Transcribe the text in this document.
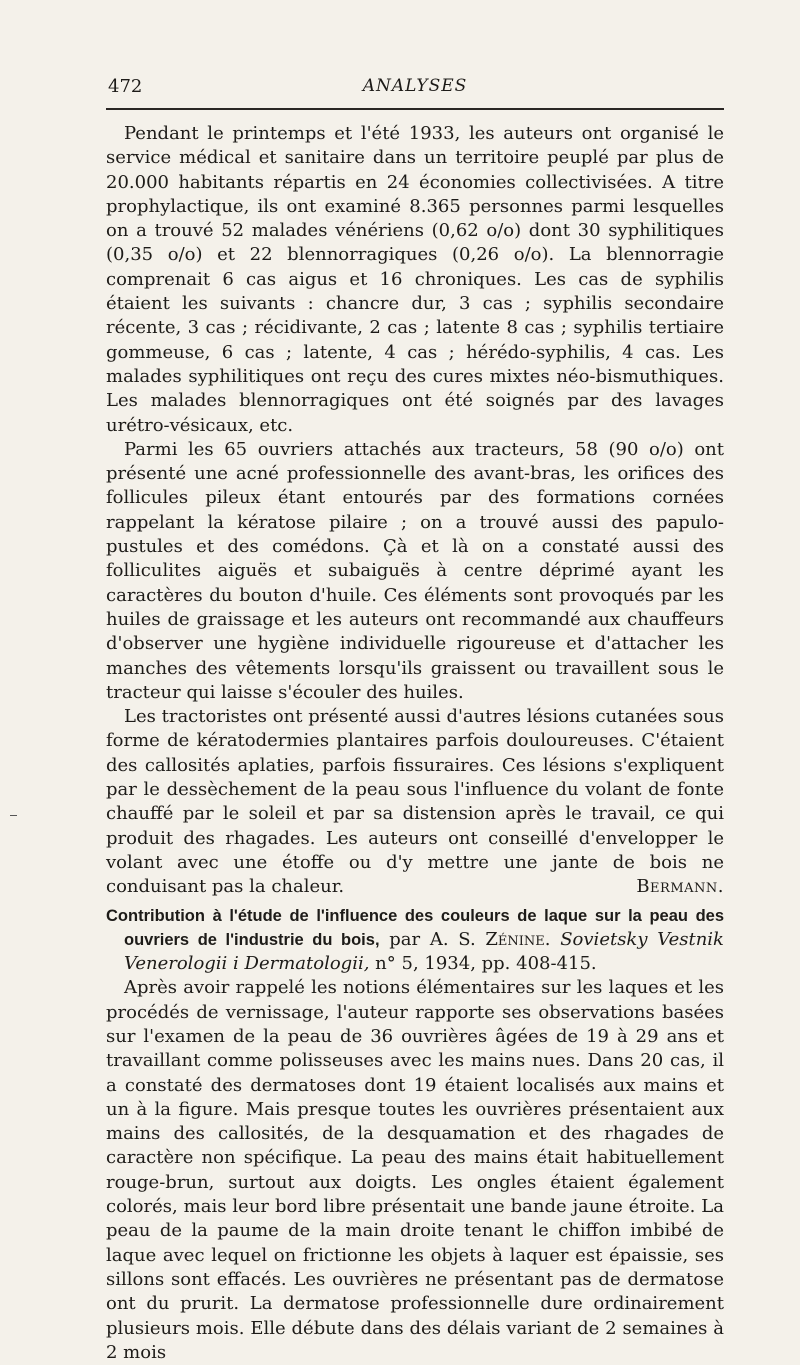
472	ANALYSES

Pendant le printemps et l'été 1933, les auteurs ont organisé le service médical et sanitaire dans un territoire peuplé par plus de 20.000 habitants répartis en 24 économies collectivisées. A titre prophylactique, ils ont examiné 8.365 personnes parmi lesquelles on a trouvé 52 malades vénériens (0,62 o/o) dont 30 syphilitiques (0,35 o/o) et 22 blennorragiques (0,26 o/o). La blennorragie comprenait 6 cas aigus et 16 chroniques. Les cas de syphilis étaient les suivants : chancre dur, 3 cas ; syphilis secondaire récente, 3 cas ; récidivante, 2 cas ; latente 8 cas ; syphilis tertiaire gommeuse, 6 cas ; latente, 4 cas ; hérédo-syphilis, 4 cas. Les malades syphilitiques ont reçu des cures mixtes néo-bismuthiques. Les malades blennorragiques ont été soignés par des lavages urétro-vésicaux, etc.

Parmi les 65 ouvriers attachés aux tracteurs, 58 (90 o/o) ont présenté une acné professionnelle des avant-bras, les orifices des follicules pileux étant entourés par des formations cornées rappelant la kératose pilaire ; on a trouvé aussi des papulo-pustules et des comédons. Çà et là on a constaté aussi des folliculites aiguës et subaiguës à centre déprimé ayant les caractères du bouton d'huile. Ces éléments sont provoqués par les huiles de graissage et les auteurs ont recommandé aux chauffeurs d'observer une hygiène individuelle rigoureuse et d'attacher les manches des vêtements lorsqu'ils graissent ou travaillent sous le tracteur qui laisse s'écouler des huiles.

Les tractoristes ont présenté aussi d'autres lésions cutanées sous forme de kératodermies plantaires parfois douloureuses. C'étaient des callosités aplaties, parfois fissuraires. Ces lésions s'expliquent par le dessèchement de la peau sous l'influence du volant de fonte chauffé par le soleil et par sa distension après le travail, ce qui produit des rhagades. Les auteurs ont conseillé d'envelopper le volant avec une étoffe ou d'y mettre une jante de bois ne conduisant pas la chaleur.	Bermann.

Contribution à l'étude de l'influence des couleurs de laque sur la peau des ouvriers de l'industrie du bois, par A. S. Zénine. Sovietsky Vestnik Venerologii i Dermatologii, n° 5, 1934, pp. 408-415.

Après avoir rappelé les notions élémentaires sur les laques et les procédés de vernissage, l'auteur rapporte ses observations basées sur l'examen de la peau de 36 ouvrières âgées de 19 à 29 ans et travaillant comme polisseuses avec les mains nues. Dans 20 cas, il a constaté des dermatoses dont 19 étaient localisés aux mains et un à la figure. Mais presque toutes les ouvrières présentaient aux mains des callosités, de la desquamation et des rhagades de caractère non spécifique. La peau des mains était habituellement rouge-brun, surtout aux doigts. Les ongles étaient également colorés, mais leur bord libre présentait une bande jaune étroite. La peau de la paume de la main droite tenant le chiffon imbibé de laque avec lequel on frictionne les objets à laquer est épaissie, ses sillons sont effacés. Les ouvrières ne présentant pas de dermatose ont du prurit. La dermatose professionnelle dure ordinairement plusieurs mois. Elle débute dans des délais variant de 2 semaines à 2 mois
